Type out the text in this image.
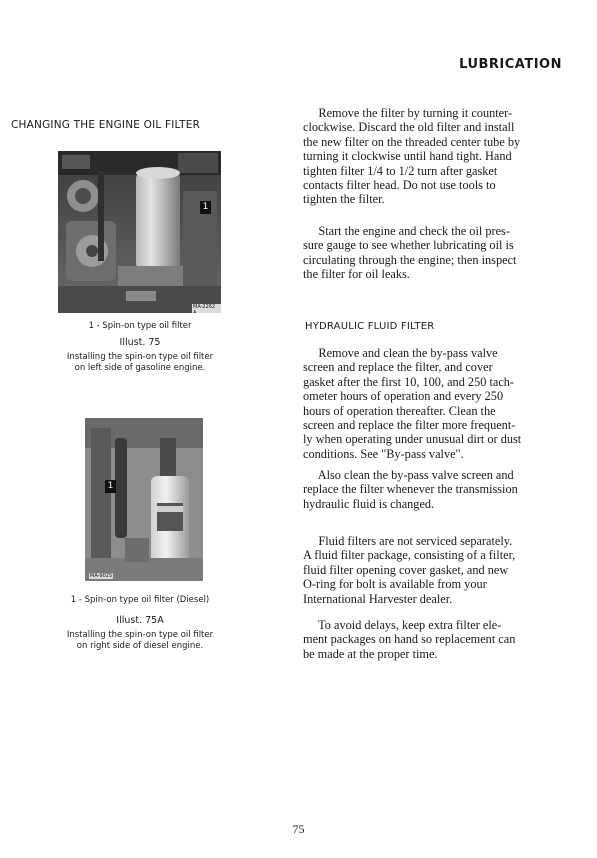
LUBRICATION
CHANGING THE ENGINE OIL FILTER
1
MA-2262 A
1 - Spin-on type oil filter
Illust. 75
Installing the spin-on type oil filter
on left side of gasoline engine.
1
MA-9025
1 - Spin-on type oil filter (Diesel)
Illust. 75A
Installing the spin-on type oil filter
on right side of diesel engine.
Remove the filter by turning it counter-
clockwise. Discard the old filter and install
the new filter on the threaded center tube by
turning it clockwise until hand tight. Hand
tighten filter 1/4 to 1/2 turn after gasket
contacts filter head. Do not use tools to
tighten the filter.
Start the engine and check the oil pres-
sure gauge to see whether lubricating oil is
circulating through the engine; then inspect
the filter for oil leaks.
HYDRAULIC FLUID FILTER
Remove and clean the by-pass valve
screen and replace the filter, and cover
gasket after the first 10, 100, and 250 tach-
ometer hours of operation and every 250
hours of operation thereafter. Clean the
screen and replace the filter more frequent-
ly when operating under unusual dirt or dust
conditions. See "By-pass valve".
Also clean the by-pass valve screen and
replace the filter whenever the transmission
hydraulic fluid is changed.
Fluid filters are not serviced separately.
A fluid filter package, consisting of a filter,
fluid filter opening cover gasket, and new
O-ring for bolt is available from your
International Harvester dealer.
To avoid delays, keep extra filter ele-
ment packages on hand so replacement can
be made at the proper time.
75
